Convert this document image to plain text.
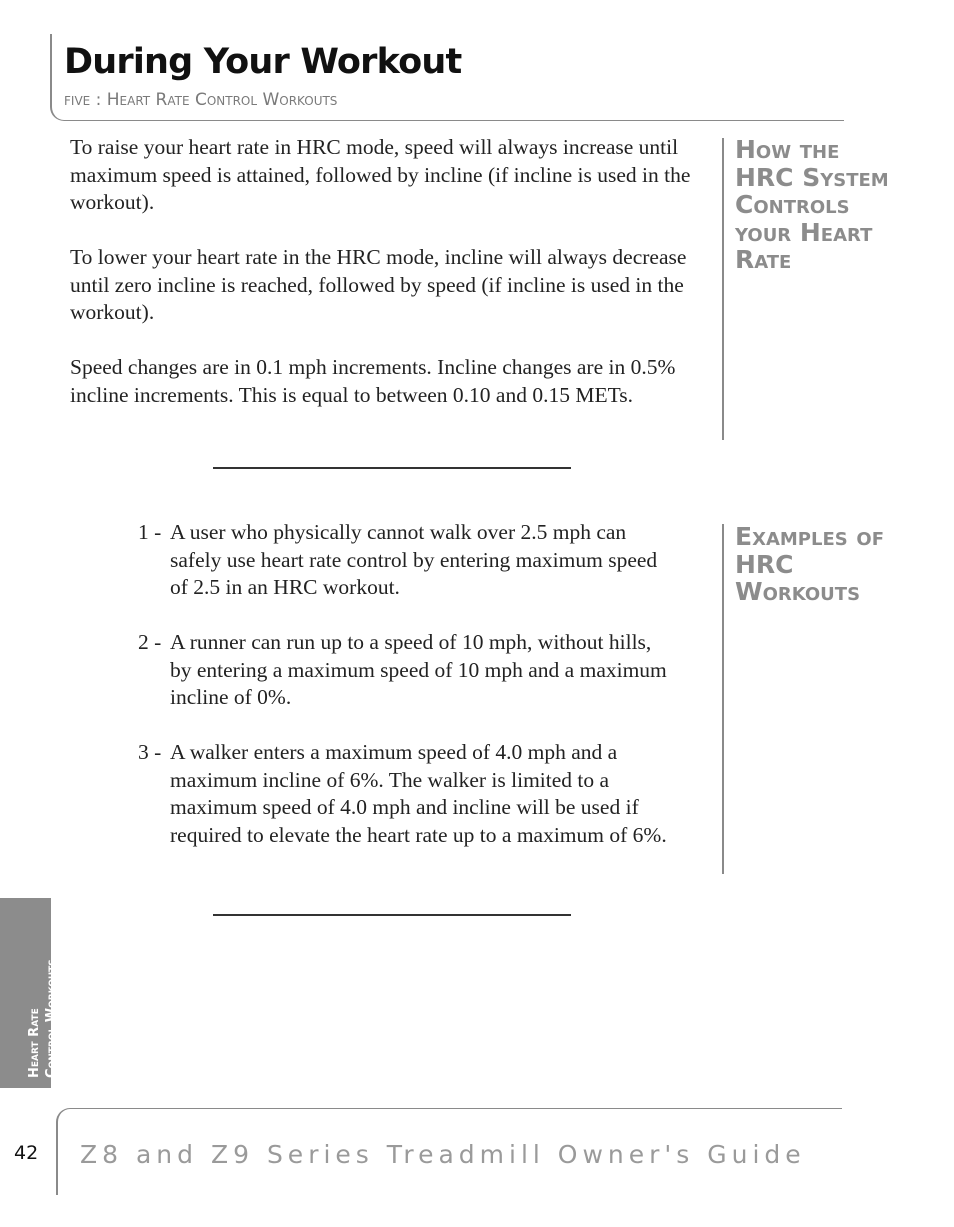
During Your Workout
five : Heart Rate Control Workouts

To raise your heart rate in HRC mode, speed will always increase until maximum speed is attained, followed by incline (if incline is used in the workout).

To lower your heart rate in the HRC mode, incline will always decrease until zero incline is reached, followed by speed (if incline is used in the workout).

Speed changes are in 0.1 mph increments. Incline changes are in 0.5% incline increments. This is equal to between 0.10 and 0.15 METs.

How the
HRC System
Controls
your Heart
Rate
1 - A user who physically cannot walk over 2.5 mph can safely use heart rate control by entering maximum speed of 2.5 in an HRC workout.
2 - A runner can run up to a speed of 10 mph, without hills, by entering a maximum speed of 10 mph and a maximum incline of 0%.
3 - A walker enters a maximum speed of 4.0 mph and a maximum incline of 6%. The walker is limited to a maximum speed of 4.0 mph and incline will be used if required to elevate the heart rate up to a maximum of 6%.
Examples of
HRC
Workouts
Heart Rate Control Workouts
42 Z8 and Z9 Series Treadmill Owner's Guide
